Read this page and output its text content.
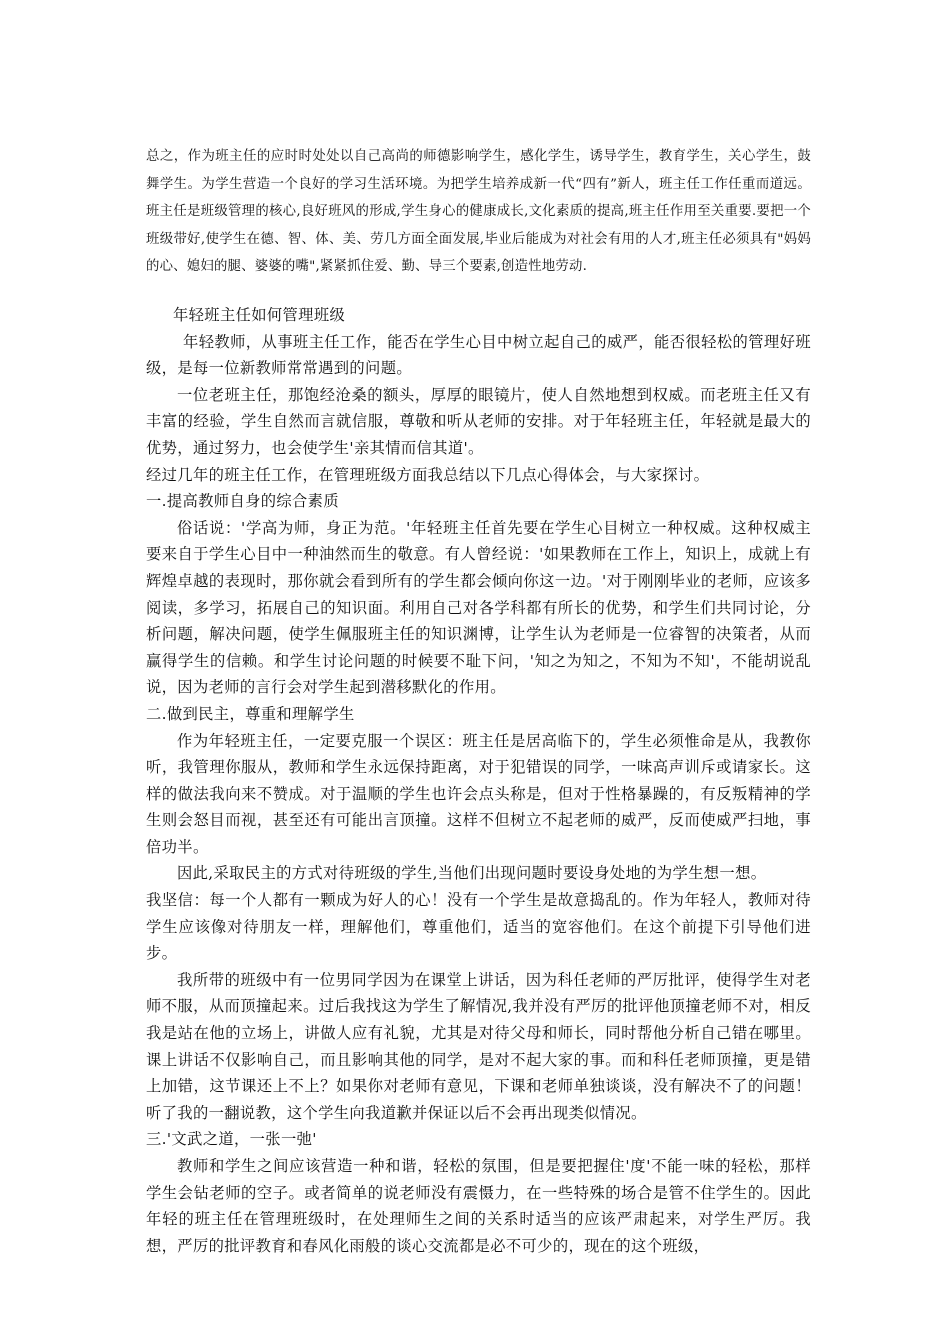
总之，作为班主任的应时时处处以自己高尚的师德影响学生，感化学生，诱导学生，教育学生，关心学生，鼓舞学生。为学生营造一个良好的学习生活环境。为把学生培养成新一代“四有”新人，班主任工作任重而道远。班主任是班级管理的核心,良好班风的形成,学生身心的健康成长,文化素质的提高,班主任作用至关重要.要把一个班级带好,使学生在德、智、体、美、劳几方面全面发展,毕业后能成为对社会有用的人才,班主任必须具有"妈妈的心、媳妇的腿、婆婆的嘴",紧紧抓住爱、勤、导三个要素,创造性地劳动.

年轻班主任如何管理班级

年轻教师，从事班主任工作，能否在学生心目中树立起自己的威严，能否很轻松的管理好班级，是每一位新教师常常遇到的问题。

一位老班主任，那饱经沧桑的额头，厚厚的眼镜片，使人自然地想到权威。而老班主任又有丰富的经验，学生自然而言就信服，尊敬和听从老师的安排。对于年轻班主任，年轻就是最大的优势，通过努力，也会使学生'亲其情而信其道'。

经过几年的班主任工作，在管理班级方面我总结以下几点心得体会，与大家探讨。

一.提高教师自身的综合素质

俗话说：'学高为师，身正为范。'年轻班主任首先要在学生心目树立一种权威。这种权威主要来自于学生心目中一种油然而生的敬意。有人曾经说：'如果教师在工作上，知识上，成就上有辉煌卓越的表现时，那你就会看到所有的学生都会倾向你这一边。'对于刚刚毕业的老师，应该多阅读，多学习，拓展自己的知识面。利用自己对各学科都有所长的优势，和学生们共同讨论，分析问题，解决问题，使学生佩服班主任的知识渊博，让学生认为老师是一位睿智的决策者，从而赢得学生的信赖。和学生讨论问题的时候要不耻下问，'知之为知之，不知为不知'，不能胡说乱说，因为老师的言行会对学生起到潜移默化的作用。

二.做到民主，尊重和理解学生

作为年轻班主任，一定要克服一个误区：班主任是居高临下的，学生必须惟命是从，我教你听，我管理你服从，教师和学生永远保持距离，对于犯错误的同学，一味高声训斥或请家长。这样的做法我向来不赞成。对于温顺的学生也许会点头称是，但对于性格暴躁的，有反叛精神的学生则会怒目而视，甚至还有可能出言顶撞。这样不但树立不起老师的威严，反而使威严扫地，事倍功半。

因此,采取民主的方式对待班级的学生,当他们出现问题时要设身处地的为学生想一想。

我坚信：每一个人都有一颗成为好人的心！没有一个学生是故意捣乱的。作为年轻人，教师对待学生应该像对待朋友一样，理解他们，尊重他们，适当的宽容他们。在这个前提下引导他们进步。

我所带的班级中有一位男同学因为在课堂上讲话，因为科任老师的严厉批评，使得学生对老师不服，从而顶撞起来。过后我找这为学生了解情况,我并没有严厉的批评他顶撞老师不对，相反我是站在他的立场上，讲做人应有礼貌，尤其是对待父母和师长，同时帮他分析自己错在哪里。课上讲话不仅影响自己，而且影响其他的同学，是对不起大家的事。而和科任老师顶撞，更是错上加错，这节课还上不上？如果你对老师有意见，下课和老师单独谈谈，没有解决不了的问题！听了我的一翻说教，这个学生向我道歉并保证以后不会再出现类似情况。

三.'文武之道，一张一弛'

教师和学生之间应该营造一种和谐，轻松的氛围，但是要把握住'度'不能一味的轻松，那样学生会钻老师的空子。或者简单的说老师没有震慑力，在一些特殊的场合是管不住学生的。因此年轻的班主任在管理班级时，在处理师生之间的关系时适当的应该严肃起来，对学生严厉。我想，严厉的批评教育和春风化雨般的谈心交流都是必不可少的，现在的这个班级，
